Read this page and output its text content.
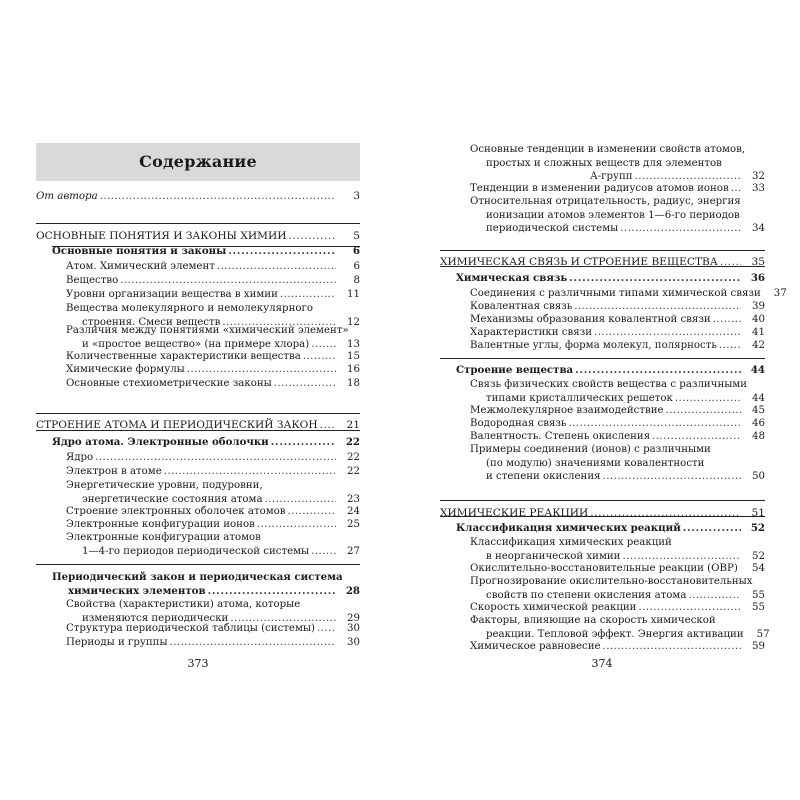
Содержание
От автора . . .	3
ОСНОВНЫЕ ПОНЯТИЯ И ЗАКОНЫ ХИМИИ . . .	5
Основные понятия и законы . . .	6
Атом. Химический элемент . . .	6
Вещество . . .	8
Уровни организации вещества в химии . . .	11
Вещества молекулярного и немолекулярного
строения. Смеси веществ . . .	12
Различия между понятиями «химический элемент»
и «простое вещество» (на примере хлора) . . .	13
Количественные характеристики вещества . . .	15
Химические формулы . . .	16
Основные стехиометрические законы . . .	18
СТРОЕНИЕ АТОМА И ПЕРИОДИЧЕСКИЙ ЗАКОН . . .	21
Ядро атома. Электронные оболочки . . .	22
Ядро . . .	22
Электрон в атоме . . .	22
Энергетические уровни, подуровни,
энергетические состояния атома . . .	23
Строение электронных оболочек атомов . . .	24
Электронные конфигурации ионов . . .	25
Электронные конфигурации атомов
1—4-го периодов периодической системы . . .	27
Периодический закон и периодическая система
химических элементов . . .	28
Свойства (характеристики) атома, которые
изменяются периодически . . .	29
Структура периодической таблицы (системы) . . .	30
Периоды и группы . . .	30
373
Основные тенденции в изменении свойств атомов,
простых и сложных веществ для элементов
А-групп . . .	32
Тенденции в изменении радиусов атомов ионов . . .	33
Относительная отрицательность, радиус, энергия
ионизации атомов элементов 1—6-го периодов
периодической системы . . .	34
ХИМИЧЕСКАЯ СВЯЗЬ И СТРОЕНИЕ ВЕЩЕСТВА . . .	35
Химическая связь . . .	36
Соединения с различными типами химической связи	37
Ковалентная связь . . .	39
Механизмы образования ковалентной связи . . .	40
Характеристики связи . . .	41
Валентные углы, форма молекул, полярность . . .	42
Строение вещества . . .	44
Связь физических свойств вещества с различными
типами кристаллических решеток . . .	44
Межмолекулярное взаимодействие . . .	45
Водородная связь . . .	46
Валентность. Степень окисления . . .	48
Примеры соединений (ионов) с различными
(по модулю) значениями ковалентности
и степени окисления . . .	50
ХИМИЧЕСКИЕ РЕАКЦИИ . . .	51
Классификация химических реакций . . .	52
Классификация химических реакций
в неорганической химии . . .	52
Окислительно-восстановительные реакции (ОВР) . . .	54
Прогнозирование окислительно-восстановительных
свойств по степени окисления атома . . .	55
Скорость химической реакции . . .	55
Факторы, влияющие на скорость химической
реакции. Тепловой эффект. Энергия активации	57
Химическое равновесие . . .	59
374
